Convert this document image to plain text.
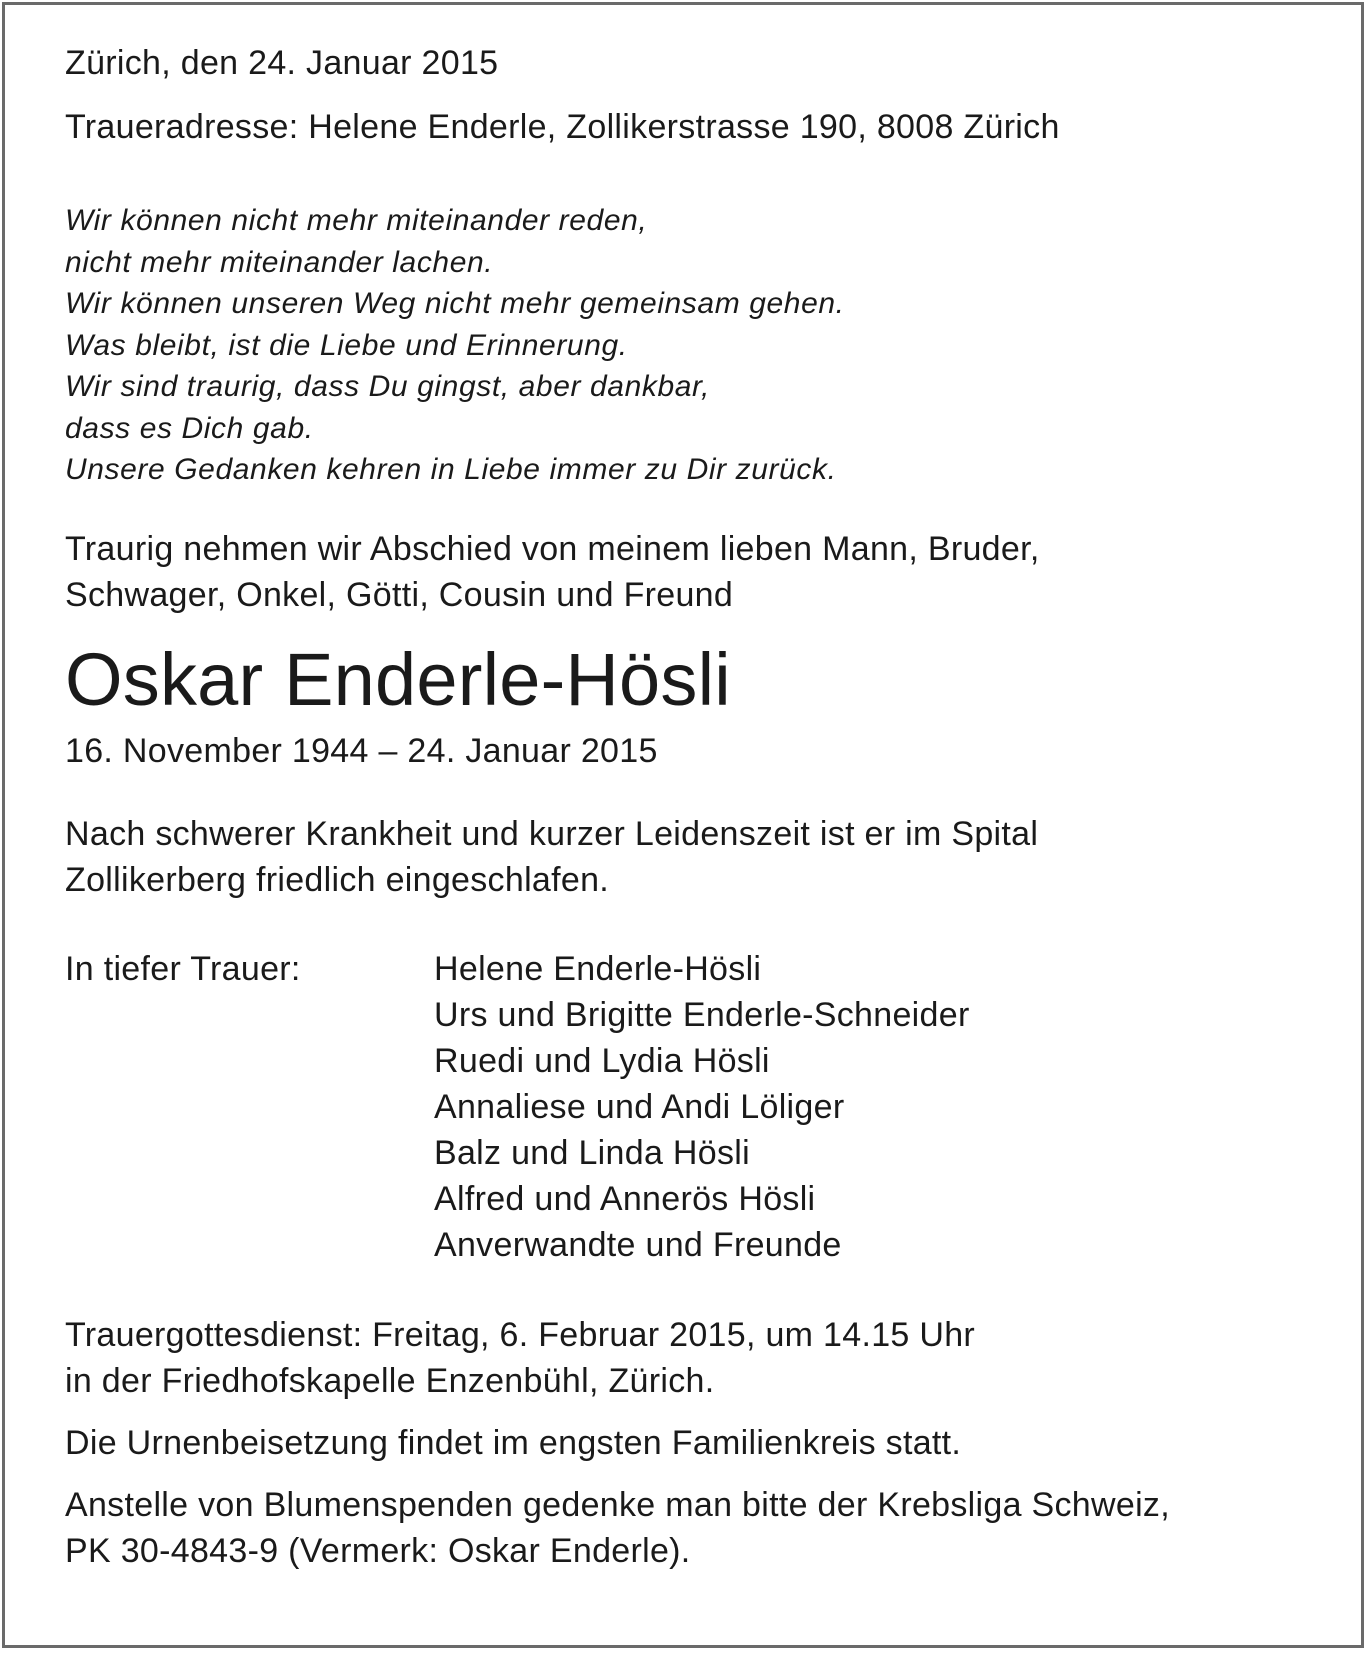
Zürich, den 24. Januar 2015
Traueradresse: Helene Enderle, Zollikerstrasse 190, 8008 Zürich
Wir können nicht mehr miteinander reden,
nicht mehr miteinander lachen.
Wir können unseren Weg nicht mehr gemeinsam gehen.
Was bleibt, ist die Liebe und Erinnerung.
Wir sind traurig, dass Du gingst, aber dankbar,
dass es Dich gab.
Unsere Gedanken kehren in Liebe immer zu Dir zurück.
Traurig nehmen wir Abschied von meinem lieben Mann, Bruder,
Schwager, Onkel, Götti, Cousin und Freund
Oskar Enderle-Hösli
16. November 1944 – 24. Januar 2015
Nach schwerer Krankheit und kurzer Leidenszeit ist er im Spital
Zollikerberg friedlich eingeschlafen.
In tiefer Trauer:	Helene Enderle-Hösli
Urs und Brigitte Enderle-Schneider
Ruedi und Lydia Hösli
Annaliese und Andi Löliger
Balz und Linda Hösli
Alfred und Annerös Hösli
Anverwandte und Freunde
Trauergottesdienst: Freitag, 6. Februar 2015, um 14.15 Uhr
in der Friedhofskapelle Enzenbühl, Zürich.
Die Urnenbeisetzung findet im engsten Familienkreis statt.
Anstelle von Blumenspenden gedenke man bitte der Krebsliga Schweiz,
PK 30-4843-9 (Vermerk: Oskar Enderle).
